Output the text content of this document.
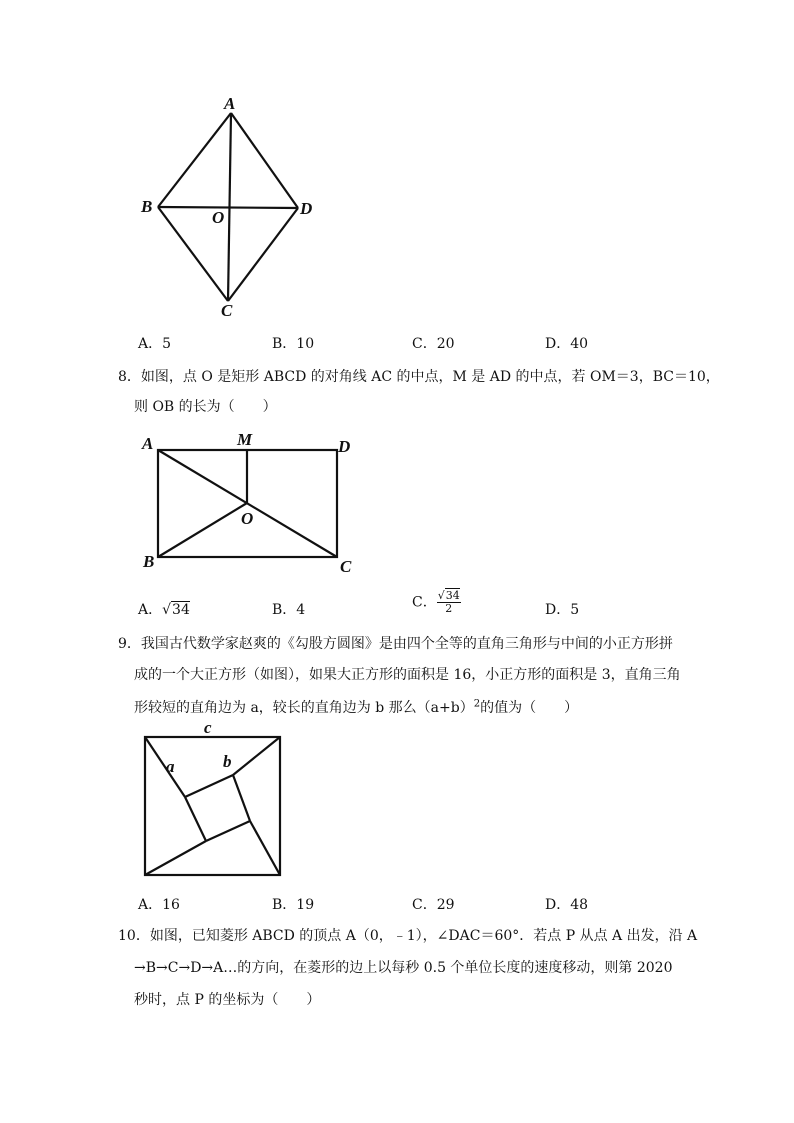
A
B
O	D
C
A．5	B．10	C．20	D．40
8．如图，点 O 是矩形 ABCD 的对角线 AC 的中点，M 是 AD 的中点，若 OM＝3，BC＝10，
则 OB 的长为（　　）
A	M	D
O
B	C
A．√34	B．4	C． $\frac{√34}{2}$	D．5
9．我国古代数学家赵爽的《勾股方圆图》是由四个全等的直角三角形与中间的小正方形拼
成的一个大正方形（如图），如果大正方形的面积是 16，小正方形的面积是 3，直角三角
形较短的直角边为 a，较长的直角边为 b 那么$(a+b)^2$的值为（　　）
c
a	b
A．16	B．19	C．29	D．48
10．如图，已知菱形 ABCD 的顶点 A（0，﹣1），∠DAC＝60°．若点 P 从点 A 出发，沿 A
→B→C→D→A…的方向，在菱形的边上以每秒 0.5 个单位长度的速度移动，则第 2020
秒时，点 P 的坐标为（　　）
